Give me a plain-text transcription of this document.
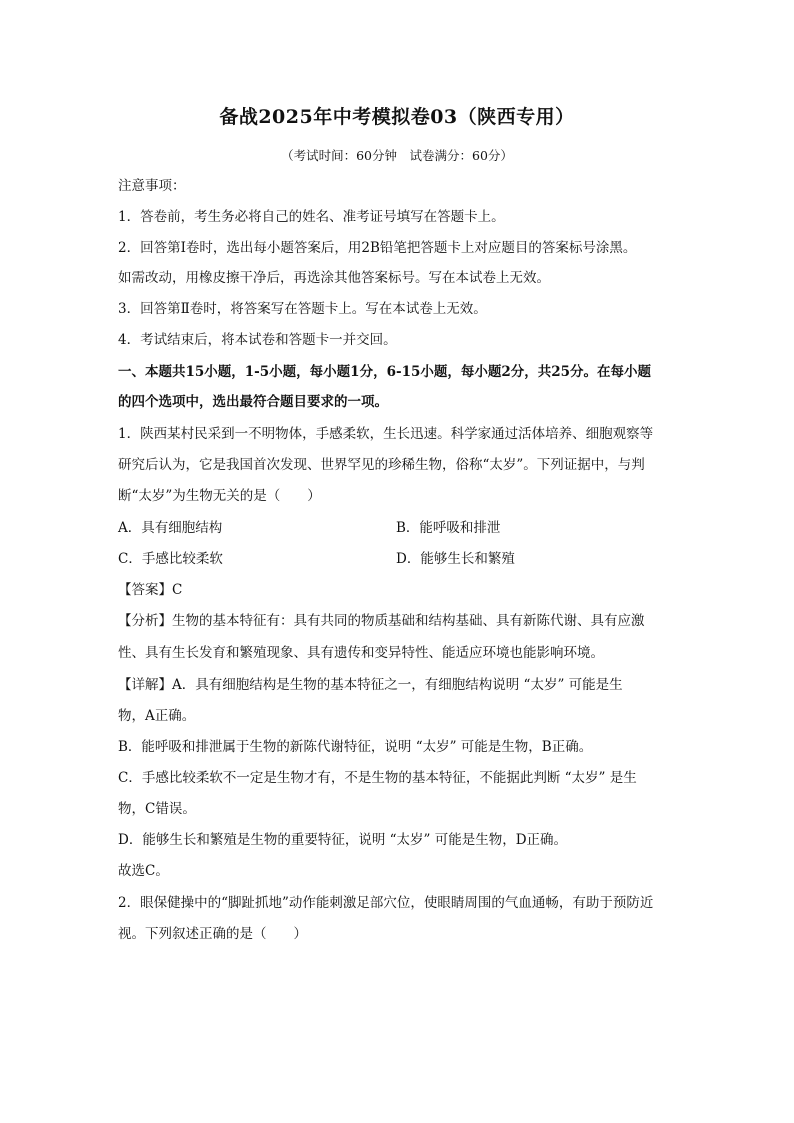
备战2025年中考模拟卷03（陕西专用）
（考试时间：60分钟　试卷满分：60分）
注意事项：
1．答卷前，考生务必将自己的姓名、准考证号填写在答题卡上。
2．回答第Ⅰ卷时，选出每小题答案后，用2B铅笔把答题卡上对应题目的答案标号涂黑。
如需改动，用橡皮擦干净后，再选涂其他答案标号。写在本试卷上无效。
3．回答第Ⅱ卷时，将答案写在答题卡上。写在本试卷上无效。
4．考试结束后，将本试卷和答题卡一并交回。
一、本题共15小题，1-5小题，每小题1分，6-15小题，每小题2分，共25分。在每小题
的四个选项中，选出最符合题目要求的一项。
1．陕西某村民采到一不明物体，手感柔软，生长迅速。科学家通过活体培养、细胞观察等
研究后认为，它是我国首次发现、世界罕见的珍稀生物，俗称“太岁”。下列证据中，与判
断“太岁”为生物无关的是（　　）
A．具有细胞结构	B．能呼吸和排泄
C．手感比较柔软	D．能够生长和繁殖
【答案】C
【分析】生物的基本特征有：具有共同的物质基础和结构基础、具有新陈代谢、具有应激
性、具有生长发育和繁殖现象、具有遗传和变异特性、能适应环境也能影响环境。
【详解】A．具有细胞结构是生物的基本特征之一，有细胞结构说明 “太岁” 可能是生
物，A正确。
B．能呼吸和排泄属于生物的新陈代谢特征，说明 “太岁” 可能是生物，B正确。
C．手感比较柔软不一定是生物才有，不是生物的基本特征，不能据此判断 “太岁” 是生
物，C错误。
D．能够生长和繁殖是生物的重要特征，说明 “太岁” 可能是生物，D正确。
故选C。
2．眼保健操中的“脚趾抓地”动作能刺激足部穴位，使眼睛周围的气血通畅，有助于预防近
视。下列叙述正确的是（　　）
